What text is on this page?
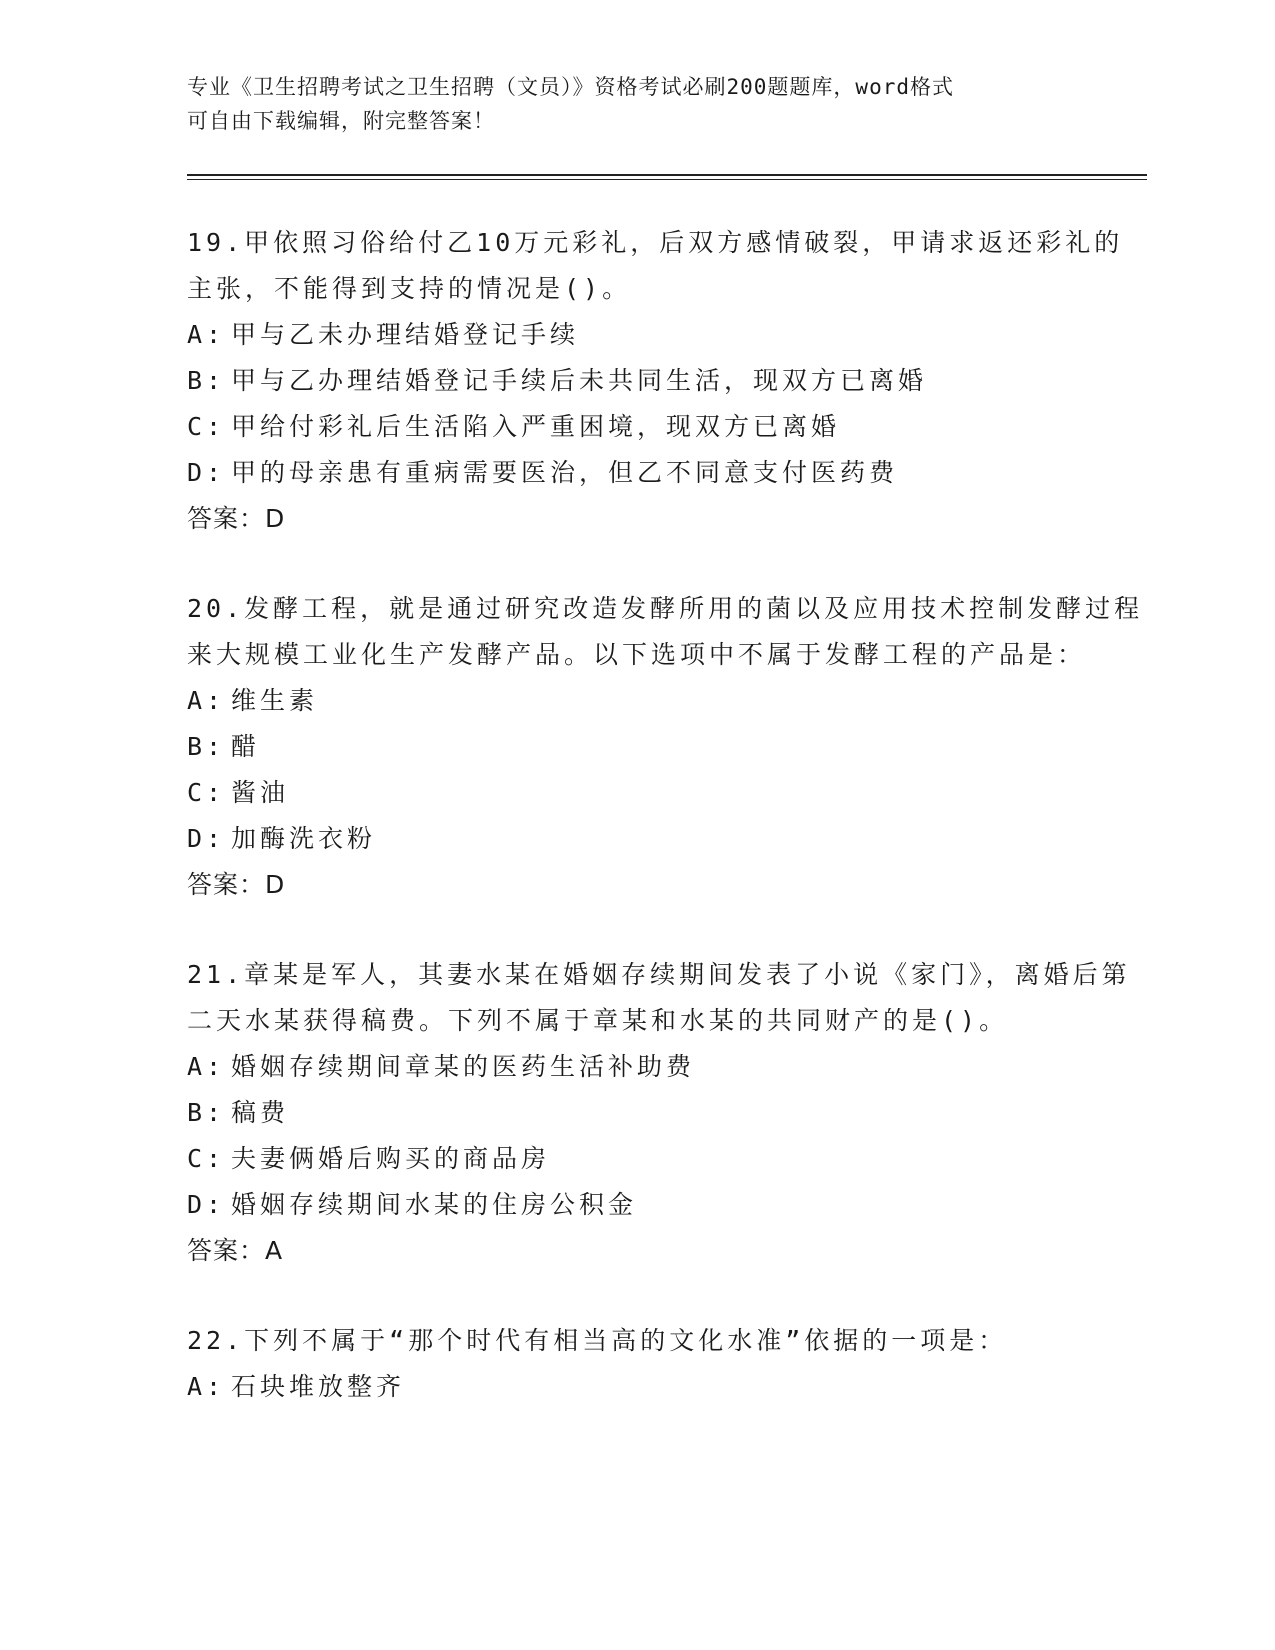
专业《卫生招聘考试之卫生招聘（文员）》资格考试必刷200题题库，word格式
可自由下载编辑，附完整答案！
19.甲依照习俗给付乙10万元彩礼，后双方感情破裂，甲请求返还彩礼的主张，不能得到支持的情况是()。
A: 甲与乙未办理结婚登记手续
B: 甲与乙办理结婚登记手续后未共同生活，现双方已离婚
C: 甲给付彩礼后生活陷入严重困境，现双方已离婚
D: 甲的母亲患有重病需要医治，但乙不同意支付医药费
答案：D
20.发酵工程，就是通过研究改造发酵所用的菌以及应用技术控制发酵过程来大规模工业化生产发酵产品。以下选项中不属于发酵工程的产品是：
A: 维生素
B: 醋
C: 酱油
D: 加酶洗衣粉
答案：D
21.章某是军人，其妻水某在婚姻存续期间发表了小说《家门》，离婚后第二天水某获得稿费。下列不属于章某和水某的共同财产的是()。
A: 婚姻存续期间章某的医药生活补助费
B: 稿费
C: 夫妻俩婚后购买的商品房
D: 婚姻存续期间水某的住房公积金
答案：A
22.下列不属于“那个时代有相当高的文化水准”依据的一项是：
A: 石块堆放整齐
